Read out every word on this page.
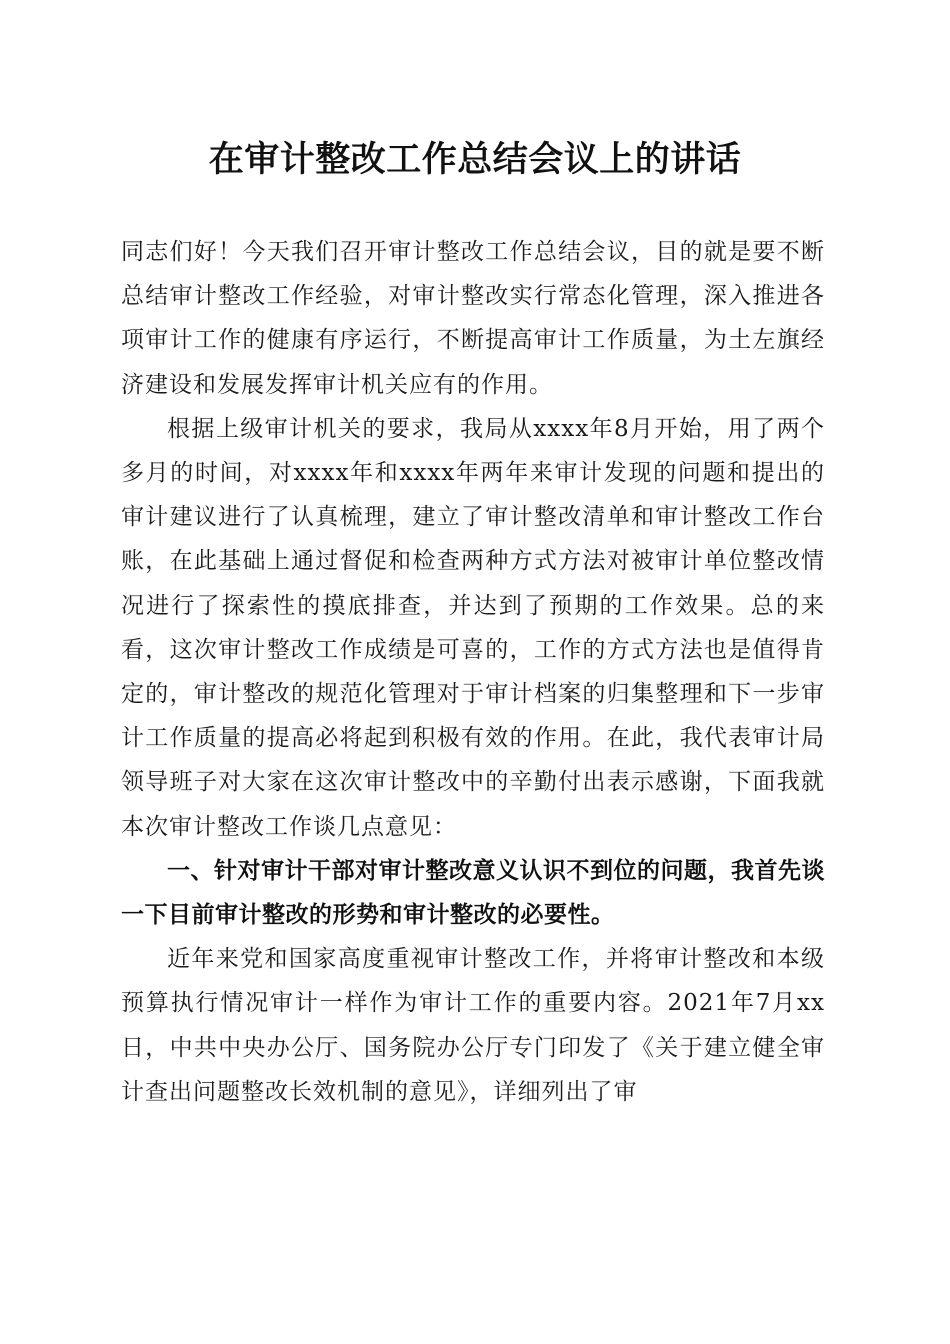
在审计整改工作总结会议上的讲话

同志们好！今天我们召开审计整改工作总结会议，目的就是要不断总结审计整改工作经验，对审计整改实行常态化管理，深入推进各项审计工作的健康有序运行，不断提高审计工作质量，为土左旗经济建设和发展发挥审计机关应有的作用。

根据上级审计机关的要求，我局从xxxx年8月开始，用了两个多月的时间，对xxxx年和xxxx年两年来审计发现的问题和提出的审计建议进行了认真梳理，建立了审计整改清单和审计整改工作台账，在此基础上通过督促和检查两种方式方法对被审计单位整改情况进行了探索性的摸底排查，并达到了预期的工作效果。总的来看，这次审计整改工作成绩是可喜的，工作的方式方法也是值得肯定的，审计整改的规范化管理对于审计档案的归集整理和下一步审计工作质量的提高必将起到积极有效的作用。在此，我代表审计局领导班子对大家在这次审计整改中的辛勤付出表示感谢，下面我就本次审计整改工作谈几点意见：

一、针对审计干部对审计整改意义认识不到位的问题，我首先谈一下目前审计整改的形势和审计整改的必要性。

近年来党和国家高度重视审计整改工作，并将审计整改和本级预算执行情况审计一样作为审计工作的重要内容。2021年7月xx日，中共中央办公厅、国务院办公厅专门印发了《关于建立健全审计查出问题整改长效机制的意见》，详细列出了审
